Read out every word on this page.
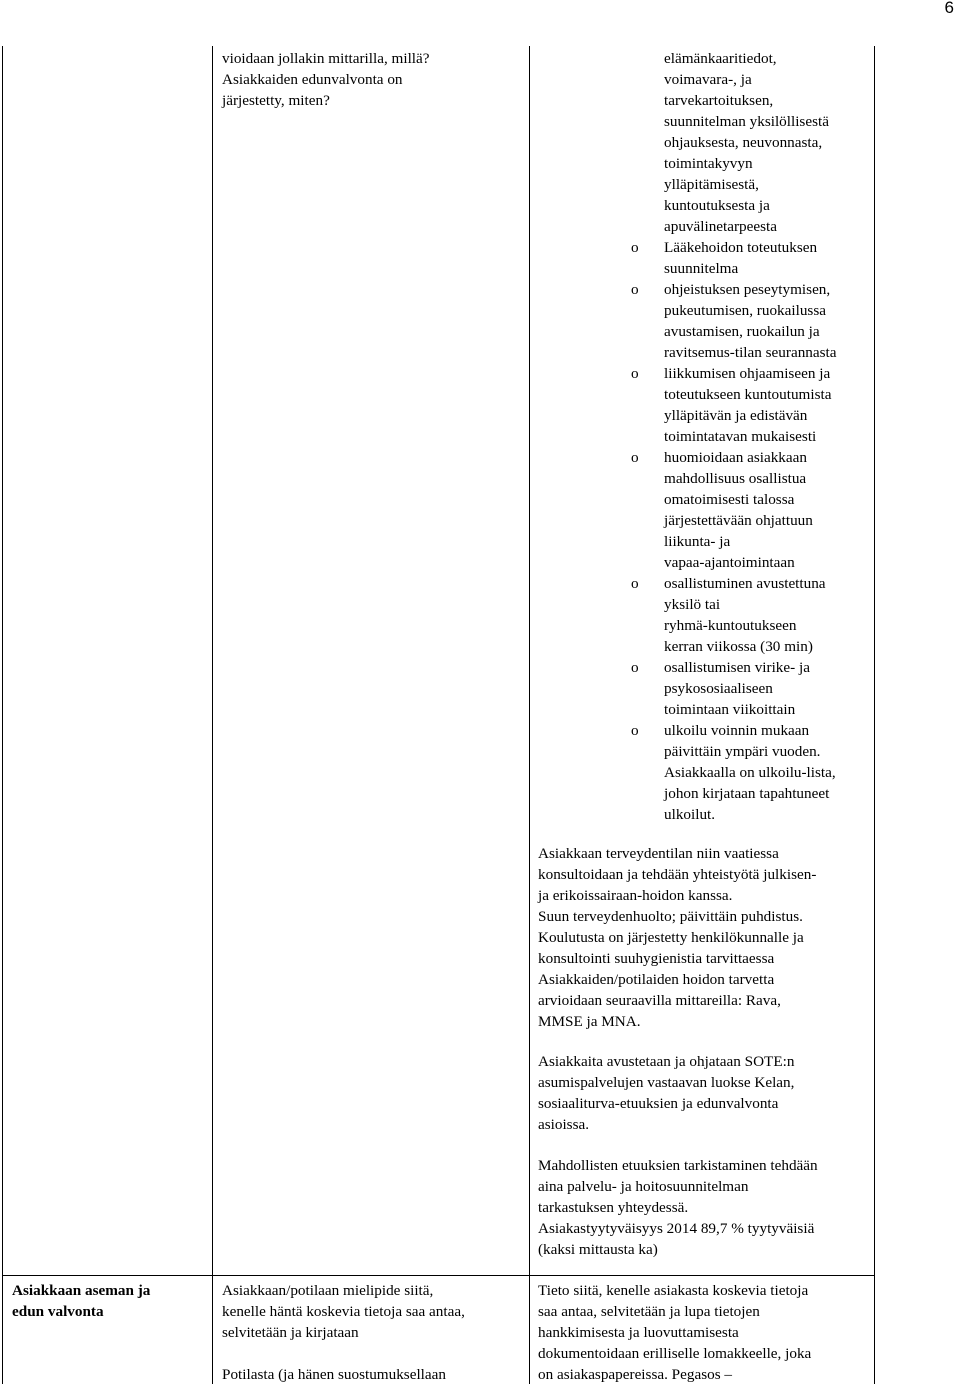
6
vioidaan jollakin mittarilla, millä?
Asiakkaiden edunvalvonta on
järjestetty, miten?
elämänkaaritiedot,
voimavara-, ja
tarvekartoituksen,
suunnitelman yksilöllisestä
ohjauksesta, neuvonnasta,
toimintakyvyn
ylläpitämisestä,
kuntoutuksesta ja
apuvälinetarpeesta
o Lääkehoidon toteutuksen
suunnitelma
o ohjeistuksen peseytymisen,
pukeutumisen, ruokailussa
avustamisen, ruokailun ja
ravitsemus-tilan seurannasta
o liikkumisen ohjaamiseen ja
toteutukseen kuntoutumista
ylläpitävän ja edistävän
toimintatavan mukaisesti
o huomioidaan asiakkaan
mahdollisuus osallistua
omatoimisesti talossa
järjestettävään ohjattuun
liikunta- ja
vapaa-ajantoimintaan
o osallistuminen avustettuna
yksilö tai
ryhmä-kuntoutukseen
kerran viikossa (30 min)
o osallistumisen virike- ja
psykososiaaliseen
toimintaan viikoittain
o ulkoilu voinnin mukaan
päivittäin ympäri vuoden.
Asiakkaalla on ulkoilu-lista,
johon kirjataan tapahtuneet
ulkoilut.
Asiakkaan terveydentilan niin vaatiessa
konsultoidaan ja tehdään yhteistyötä julkisen-
ja erikoissairaan-hoidon kanssa.
Suun terveydenhuolto; päivittäin puhdistus.
Koulutusta on järjestetty henkilökunnalle ja
konsultointi suuhygienistia tarvittaessa
Asiakkaiden/potilaiden hoidon tarvetta
arvioidaan seuraavilla mittareilla: Rava,
MMSE ja MNA.
Asiakkaita avustetaan ja ohjataan SOTE:n
asumispalvelujen vastaavan luokse Kelan,
sosiaaliturva-etuuksien ja edunvalvonta
asioissa.
Mahdollisten etuuksien tarkistaminen tehdään
aina palvelu- ja hoitosuunnitelman
tarkastuksen yhteydessä.
Asiakastyytyväisyys 2014 89,7 % tyytyväisiä
(kaksi mittausta ka)
Asiakkaan aseman ja
edun valvonta
Asiakkaan/potilaan mielipide siitä,
kenelle häntä koskevia tietoja saa antaa,
selvitetään ja kirjataan
Potilasta (ja hänen suostumuksellaan
Tieto siitä, kenelle asiakasta koskevia tietoja
saa antaa, selvitetään ja lupa tietojen
hankkimisesta ja luovuttamisesta
dokumentoidaan erilliselle lomakkeelle, joka
on asiakaspapereissa. Pegasos –
